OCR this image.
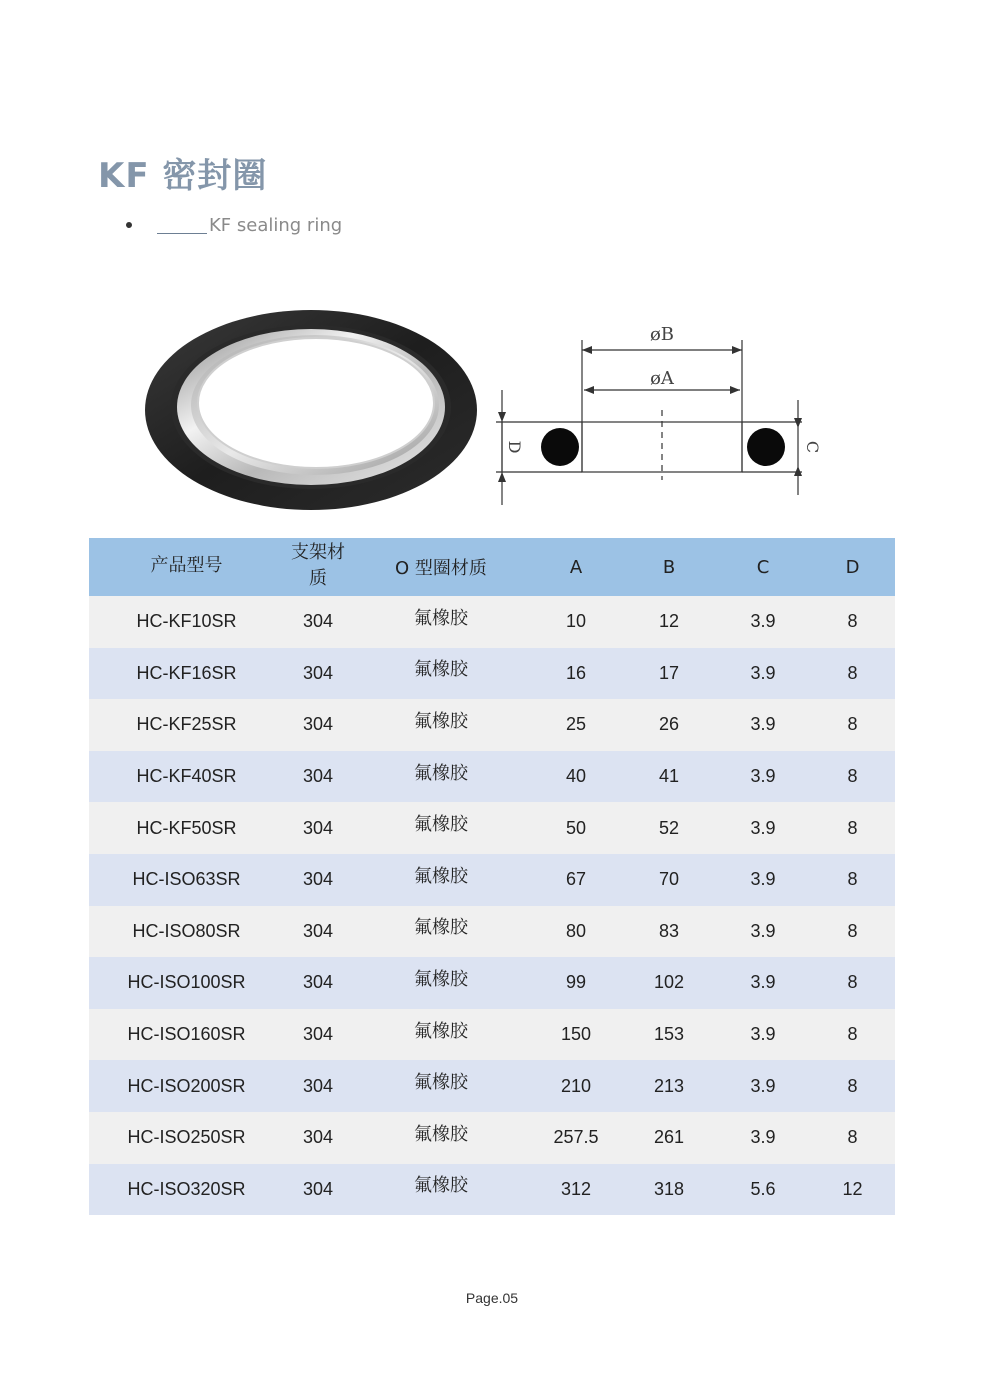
KF 密封圈
KF sealing ring
øB
øA
D	C
产品型号	支架材质	O 型圈材质	A	B	C	D
HC-KF10SR	304	氟橡胶	10	12	3.9	8
HC-KF16SR	304	氟橡胶	16	17	3.9	8
HC-KF25SR	304	氟橡胶	25	26	3.9	8
HC-KF40SR	304	氟橡胶	40	41	3.9	8
HC-KF50SR	304	氟橡胶	50	52	3.9	8
HC-ISO63SR	304	氟橡胶	67	70	3.9	8
HC-ISO80SR	304	氟橡胶	80	83	3.9	8
HC-ISO100SR	304	氟橡胶	99	102	3.9	8
HC-ISO160SR	304	氟橡胶	150	153	3.9	8
HC-ISO200SR	304	氟橡胶	210	213	3.9	8
HC-ISO250SR	304	氟橡胶	257.5	261	3.9	8
HC-ISO320SR	304	氟橡胶	312	318	5.6	12
Page.05
